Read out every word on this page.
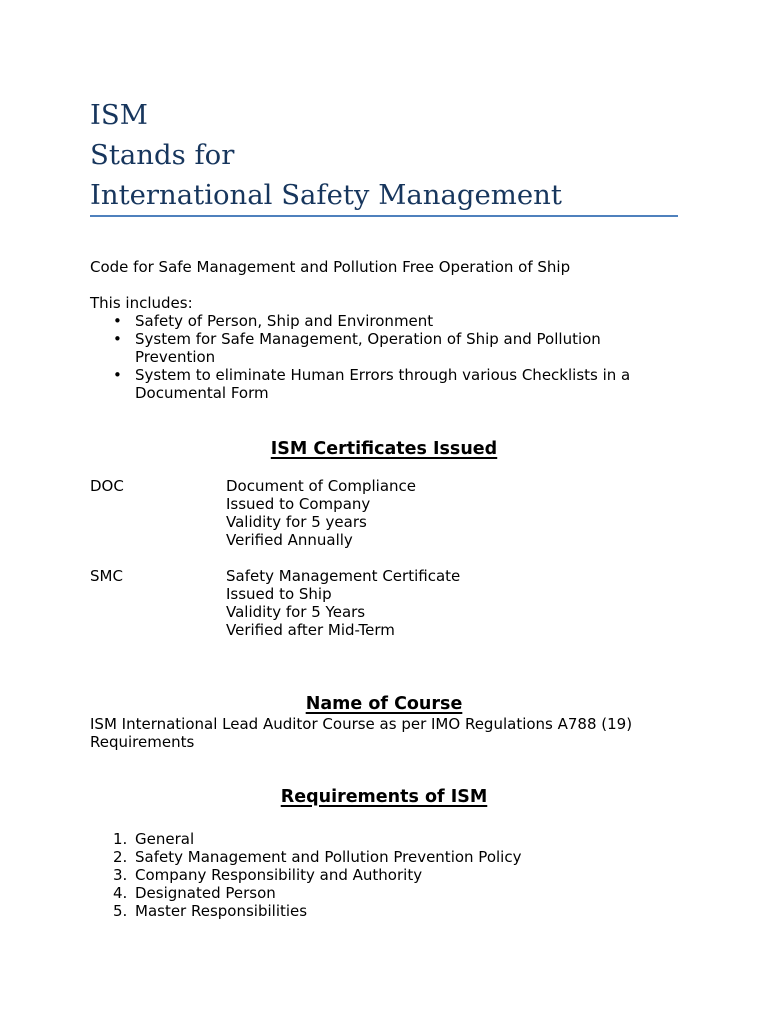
ISM
Stands for
International Safety Management
Code for Safe Management and Pollution Free Operation of Ship
This includes:
• Safety of Person, Ship and Environment
• System for Safe Management, Operation of Ship and Pollution Prevention
• System to eliminate Human Errors through various Checklists in a Documental Form
ISM Certificates Issued
DOC	Document of Compliance
Issued to Company
Validity for 5 years
Verified Annually
SMC	Safety Management Certificate
Issued to Ship
Validity for 5 Years
Verified after Mid-Term
Name of Course
ISM International Lead Auditor Course as per IMO Regulations A788 (19) Requirements
Requirements of ISM
1. General
2. Safety Management and Pollution Prevention Policy
3. Company Responsibility and Authority
4. Designated Person
5. Master Responsibilities
